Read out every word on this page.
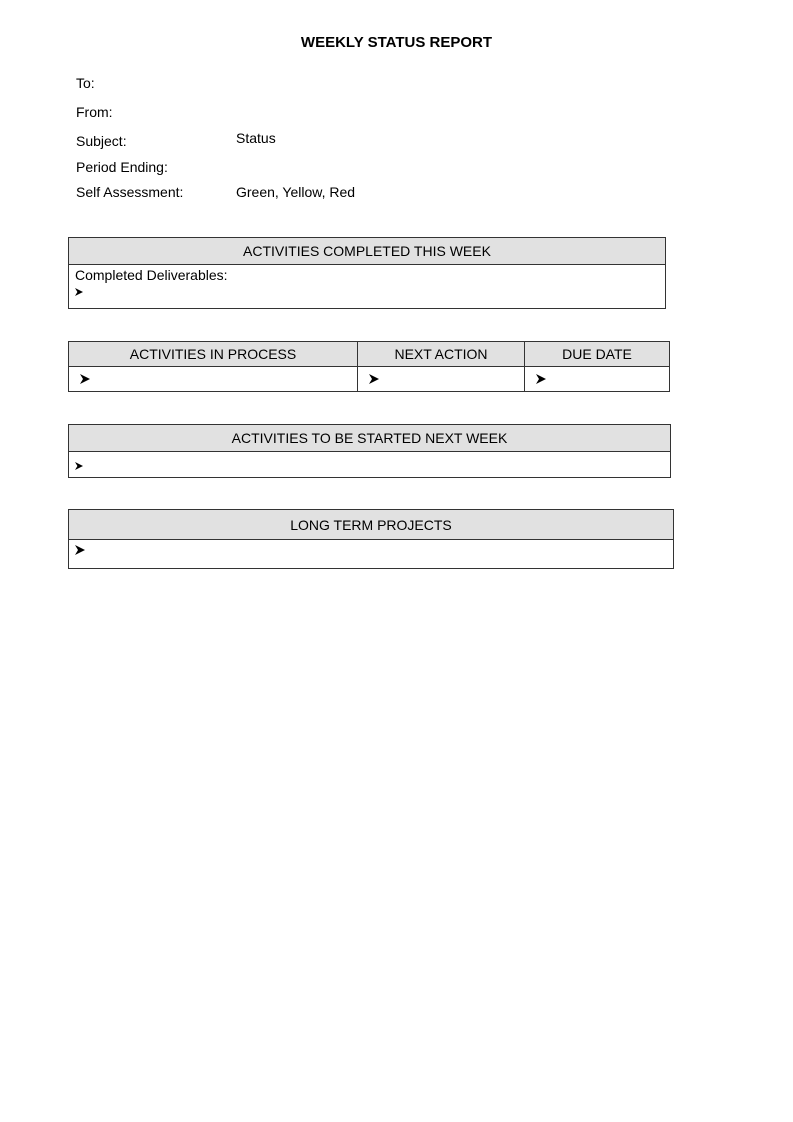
WEEKLY STATUS REPORT
To:
From:
Subject:	Status
Period Ending:
Self Assessment:	Green, Yellow, Red
ACTIVITIES COMPLETED THIS WEEK

Completed Deliverables:
ACTIVITIES IN PROCESS	NEXT ACTION	DUE DATE

ACTIVITIES TO BE STARTED NEXT WEEK

LONG TERM PROJECTS
